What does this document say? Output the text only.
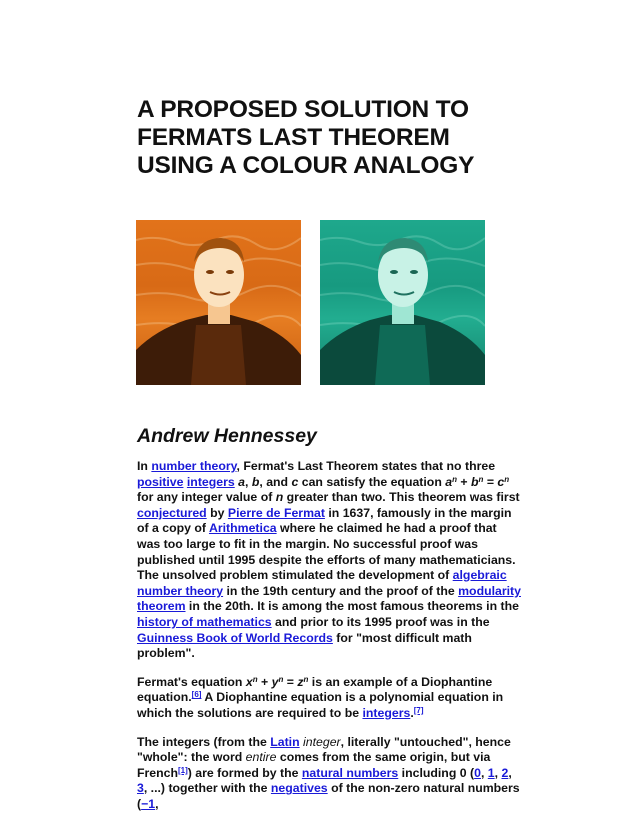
A PROPOSED SOLUTION TO
FERMATS LAST THEOREM
USING A COLOUR ANALOGY
Andrew Hennessey

In number theory, Fermat's Last Theorem states that no three positive integers a, b, and c can satisfy the equation $a^n + b^n = c^n$ for any integer value of n greater than two. This theorem was first conjectured by Pierre de Fermat in 1637, famously in the margin of a copy of Arithmetica where he claimed he had a proof that was too large to fit in the margin. No successful proof was published until 1995 despite the efforts of many mathematicians. The unsolved problem stimulated the development of algebraic number theory in the 19th century and the proof of the modularity theorem in the 20th. It is among the most famous theorems in the history of mathematics and prior to its 1995 proof was in the Guinness Book of World Records for "most difficult math problem".

Fermat's equation $x^n + y^n = z^n$ is an example of a Diophantine equation.[6] A Diophantine equation is a polynomial equation in which the solutions are required to be integers.[7]

The integers (from the Latin integer, literally "untouched", hence "whole": the word entire comes from the same origin, but via French[1]) are formed by the natural numbers including 0 (0, 1, 2, 3, ...) together with the negatives of the non-zero natural numbers (−1,
